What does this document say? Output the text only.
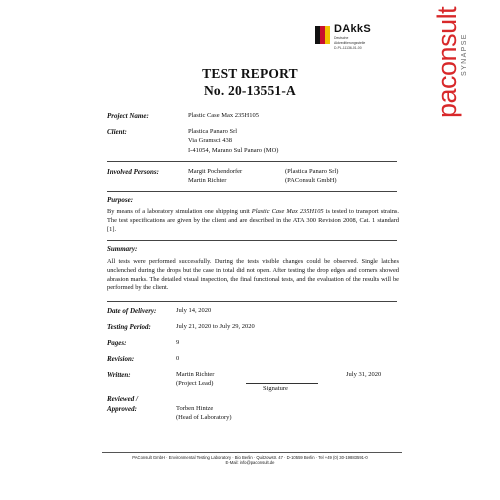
DAkkS
Deutsche
Akkreditierungsstelle
D-PL-11136-01-00	paconsult SYNAPSE
TEST REPORT
No. 20-13551-A
Project Name:	Plastic Case Max 235H105
Client:	Plastica Panaro Srl
Via Gramsci 438
I-41054, Marano Sul Panaro (MO)
Involved Persons:	Margit Pochendorfer	(Plastica Panaro Srl)
Martin Richter	(PAConsult GmbH)
Purpose:
By means of a laboratory simulation one shipping unit Plastic Case Max 235H105 is tested to transport strains. The test specifications are given by the client and are described in the ATA 300 Revision 2008, Cat. 1 standard [1].
Summary:
All tests were performed successfully. During the tests visible changes could be observed. Single latches unclenched during the drops but the case in total did not open. After testing the drop edges and corners showed abrasion marks. The detailed visual inspection, the final functional tests, and the evaluation of the results will be performed by the client.
Date of Delivery:	July 14, 2020
Testing Period:	July 21, 2020 to July 29, 2020
Pages:	9
Revision:	0
Written:	Martin Richter
(Project Lead)
Signature
July 31, 2020
Reviewed /
Approved:	Torben Hintze
(Head of Laboratory)
PAConsult GmbH · Environmental Testing Laboratory · Bio Berlin · Quitzowstr. 47 · D-10559 Berlin · Tel +49 (0) 30-19883591-0
E-Mail: info@paconsult.de
